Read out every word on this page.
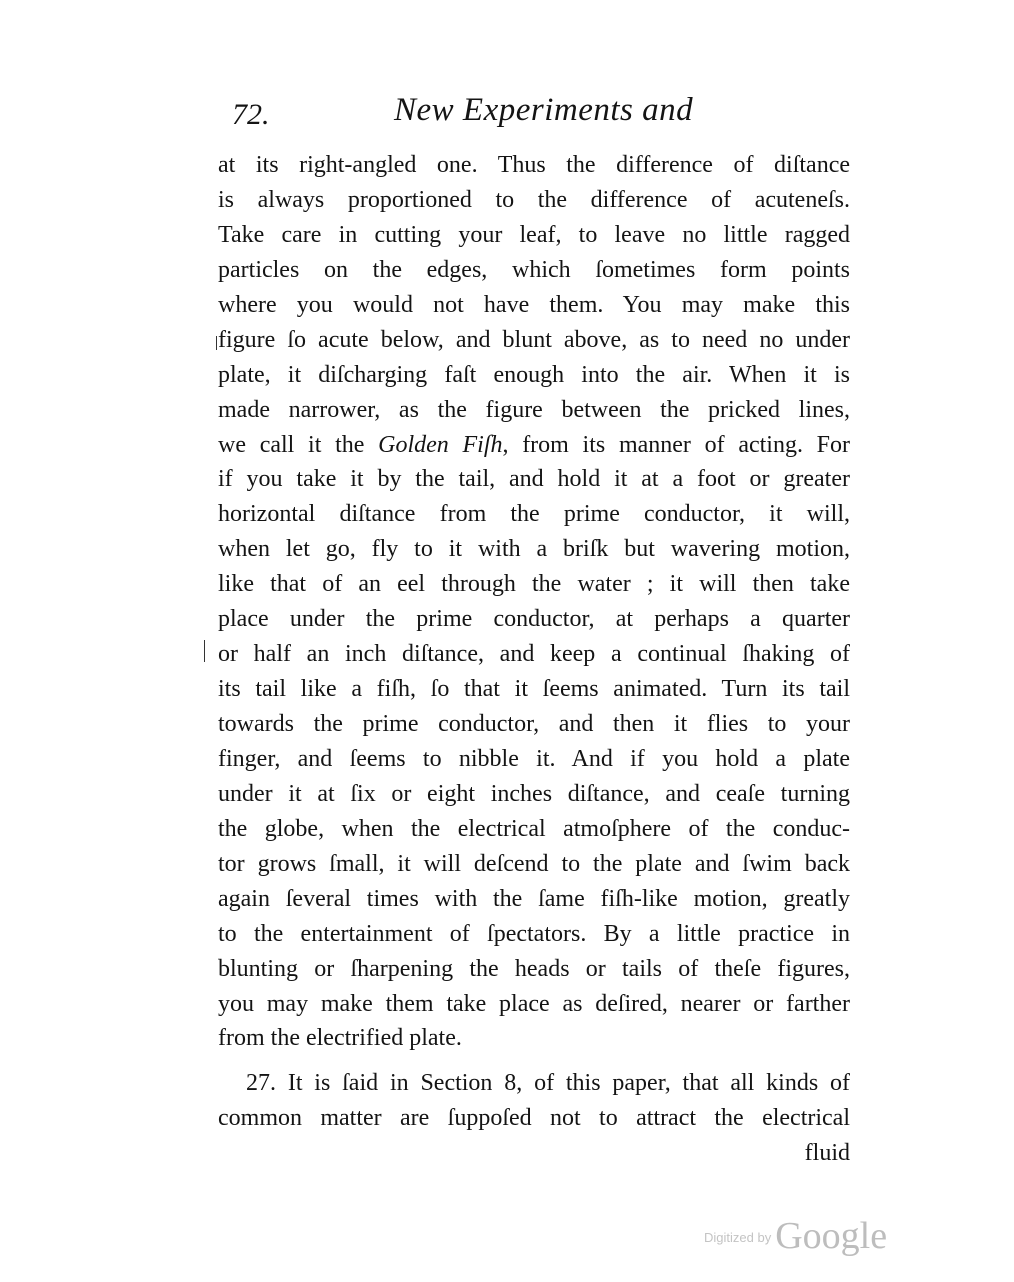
72.	New Experiments and
at its right-angled one. Thus the difference of diſtance
is always proportioned to the difference of acuteneſs.
Take care in cutting your leaf, to leave no little ragged
particles on the edges, which ſometimes form points
where you would not have them. You may make this
figure ſo acute below, and blunt above, as to need no under
plate, it diſcharging faſt enough into the air. When it is
made narrower, as the figure between the pricked lines,
we call it the Golden Fiſh, from its manner of acting. For
if you take it by the tail, and hold it at a foot or greater
horizontal diſtance from the prime conductor, it will,
when let go, fly to it with a briſk but wavering motion,
like that of an eel through the water ; it will then take
place under the prime conductor, at perhaps a quarter
or half an inch diſtance, and keep a continual ſhaking of
its tail like a fiſh, ſo that it ſeems animated. Turn its tail
towards the prime conductor, and then it flies to your
finger, and ſeems to nibble it. And if you hold a plate
under it at ſix or eight inches diſtance, and ceaſe turning
the globe, when the electrical atmoſphere of the conduc-
tor grows ſmall, it will deſcend to the plate and ſwim back
again ſeveral times with the ſame fiſh-like motion, greatly
to the entertainment of ſpectators. By a little practice in
blunting or ſharpening the heads or tails of theſe figures,
you may make them take place as deſired, nearer or farther
from the electrified plate.
27. It is ſaid in Section 8, of this paper, that all kinds of
common matter are ſuppoſed not to attract the electrical
fluid
$^{Digitized by}$ Google
